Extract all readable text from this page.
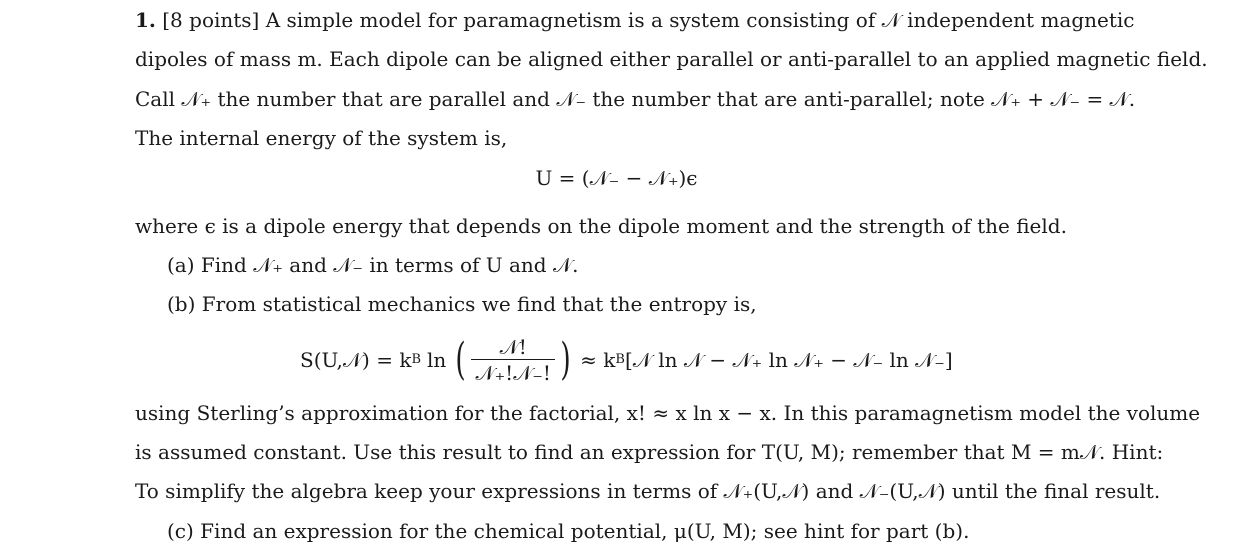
1. [8 points] A simple model for paramagnetism is a system consisting of 𝒩 independent magnetic
dipoles of mass m. Each dipole can be aligned either parallel or anti-parallel to an applied magnetic field.
Call 𝒩₊ the number that are parallel and 𝒩₋ the number that are anti-parallel; note 𝒩₊ + 𝒩₋ = 𝒩.
The internal energy of the system is,
U = (𝒩₋ − 𝒩₊)ϵ
where ϵ is a dipole energy that depends on the dipole moment and the strength of the field.
(a) Find 𝒩₊ and 𝒩₋ in terms of U and 𝒩.
(b) From statistical mechanics we find that the entropy is,
S(U,𝒩) = k B ln ( $\frac{\text{𝒩!}}{\text{𝒩₊!𝒩₋!}}$ ) ≈ k B [𝒩 ln 𝒩 − 𝒩₊ ln 𝒩₊ − 𝒩₋ ln 𝒩₋]
using Sterling’s approximation for the factorial, x! ≈ x ln x − x. In this paramagnetism model the volume
is assumed constant. Use this result to find an expression for T(U, M); remember that M = m𝒩. Hint:
To simplify the algebra keep your expressions in terms of 𝒩₊(U,𝒩) and 𝒩₋(U,𝒩) until the final result.
(c) Find an expression for the chemical potential, μ(U, M); see hint for part (b).
